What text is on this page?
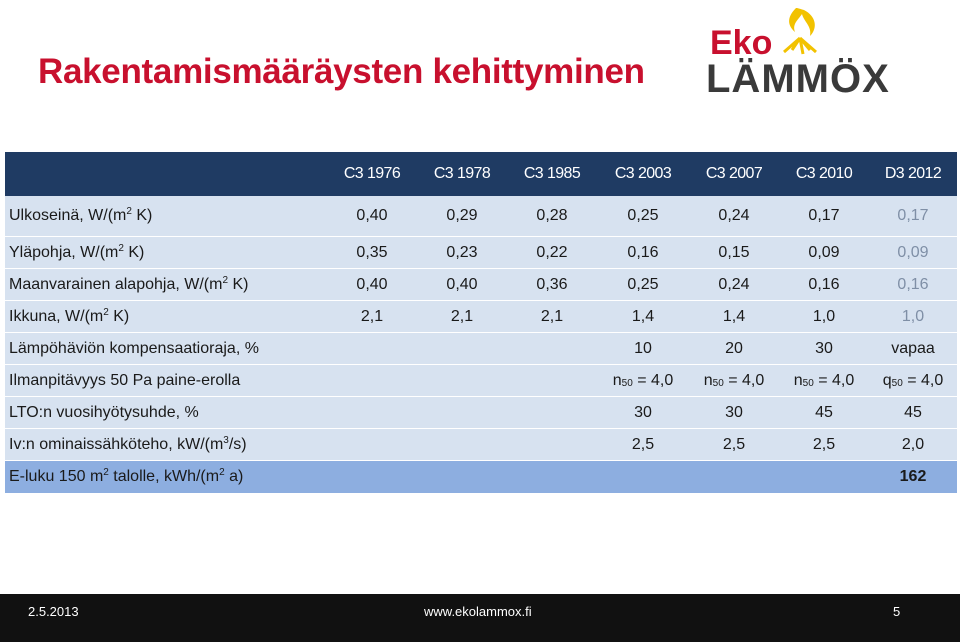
Rakentamismääräysten kehittyminen
Eko
LÄMMÖX
	C3 1976	C3 1978	C3 1985	C3 2003	C3 2007	C3 2010	D3 2012
Ulkoseinä, $W/(m^2$ K)	0,40	0,29	0,28	0,25	0,24	0,17	0,17
Yläpohja, $W/(m^2$ K)	0,35	0,23	0,22	0,16	0,15	0,09	0,09
Maanvarainen alapohja, $W/(m^2$ K)	0,40	0,40	0,36	0,25	0,24	0,16	0,16
Ikkuna, $W/(m^2$ K)	2,1	2,1	2,1	1,4	1,4	1,0	1,0
Lämpöhäviön kompensaatioraja, %				10	20	30	vapaa
Ilmanpitävyys 50 Pa paine-erolla				$n_{50} = 4,0$	$n_{50} = 4,0$	$n_{50} = 4,0$	$q_{50} = 4,0$
LTO:n vuosihyötysuhde, %				30	30	45	45
Iv:n ominaissähköteho, $kW/(m^3/s)$				2,5	2,5	2,5	2,0
E-luku 150 $m^2$ talolle, kWh/($m^2$ a)							162
2.5.2013	www.ekolammox.fi	5
